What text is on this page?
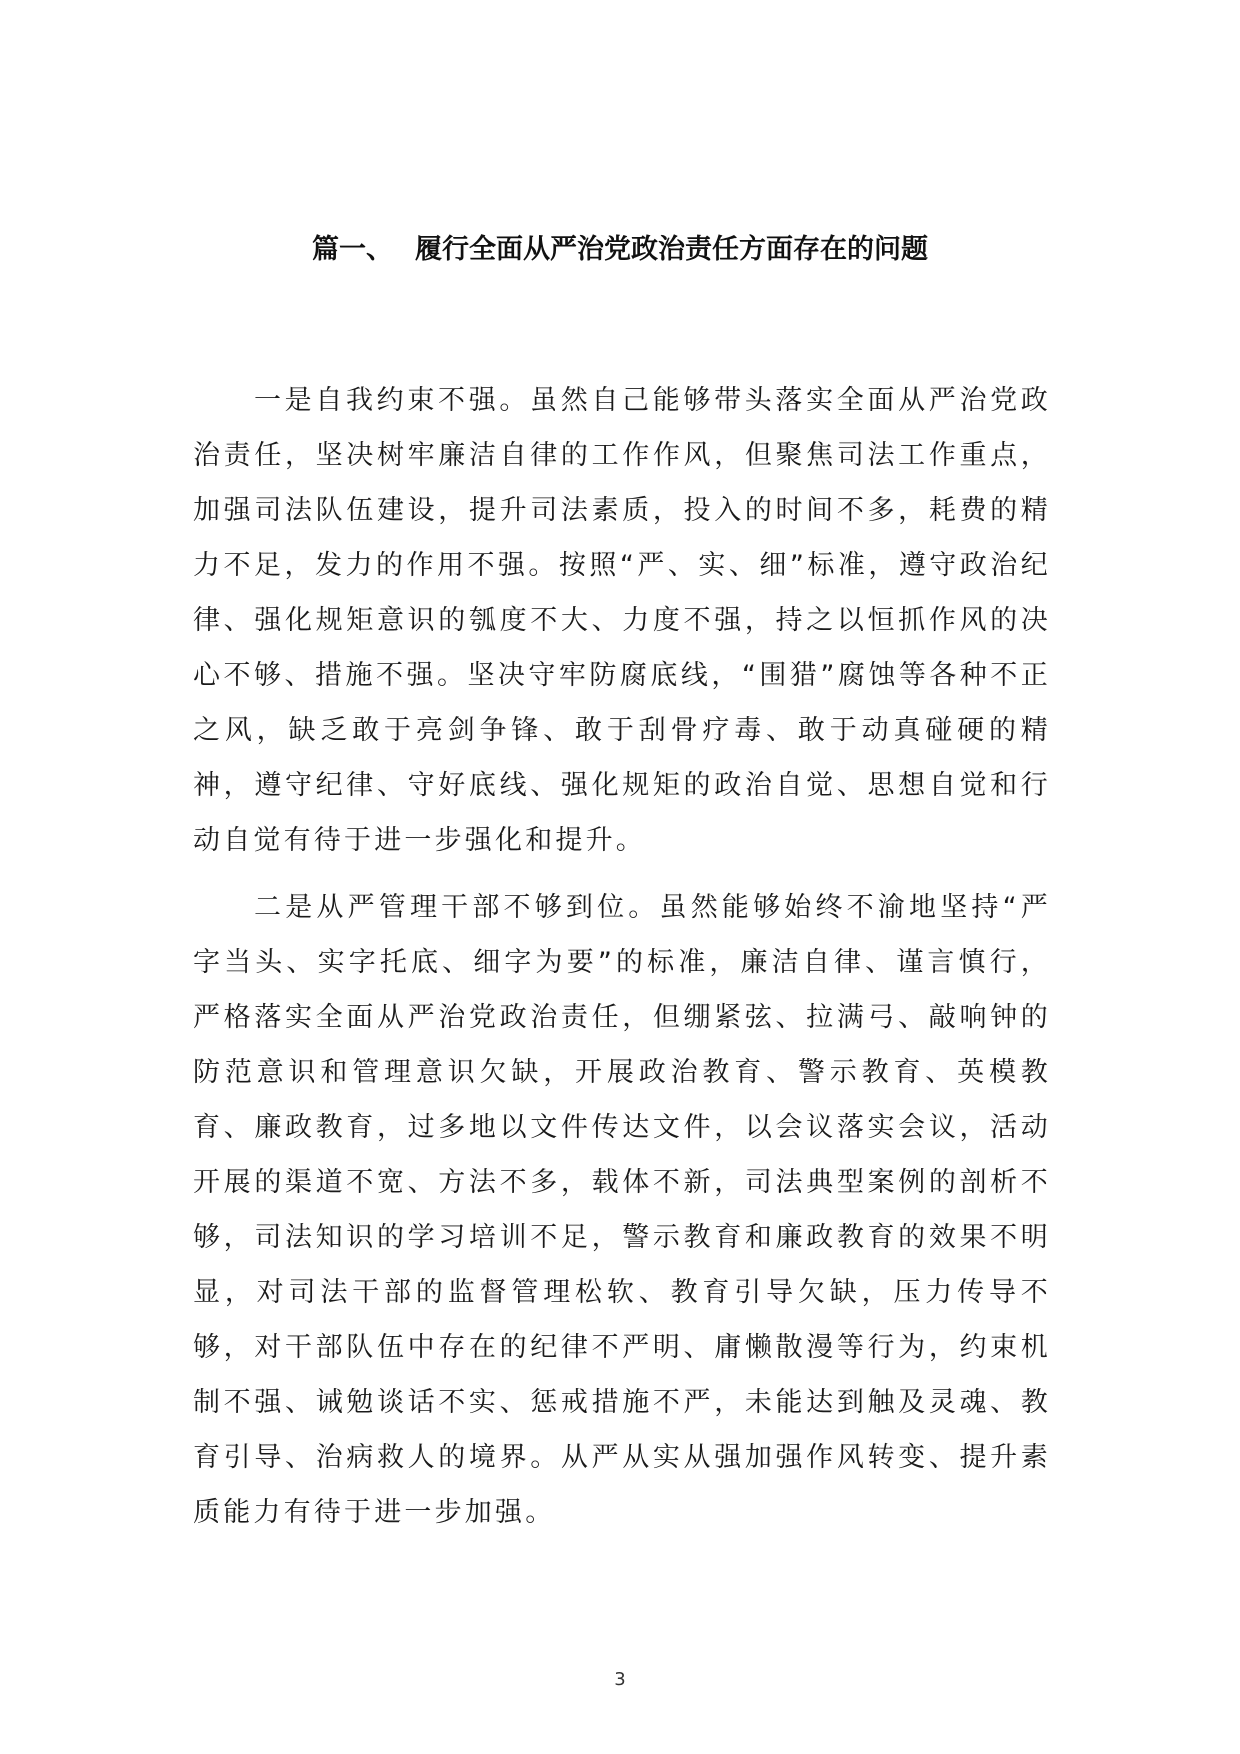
篇一、 履行全面从严治党政治责任方面存在的问题

一是自我约束不强。虽然自己能够带头落实全面从严治党政治责任，坚决树牢廉洁自律的工作作风，但聚焦司法工作重点，加强司法队伍建设，提升司法素质，投入的时间不多，耗费的精力不足，发力的作用不强。按照“严、实、细”标准，遵守政治纪律、强化规矩意识的瓠度不大、力度不强，持之以恒抓作风的决心不够、措施不强。坚决守牢防腐底线，“围猎”腐蚀等各种不正之风，缺乏敢于亮剑争锋、敢于刮骨疗毒、敢于动真碰硬的精神，遵守纪律、守好底线、强化规矩的政治自觉、思想自觉和行动自觉有待于进一步强化和提升。

二是从严管理干部不够到位。虽然能够始终不渝地坚持“严字当头、实字托底、细字为要”的标准，廉洁自律、谨言慎行，严格落实全面从严治党政治责任，但绷紧弦、拉满弓、敲响钟的防范意识和管理意识欠缺，开展政治教育、警示教育、英模教育、廉政教育，过多地以文件传达文件，以会议落实会议，活动开展的渠道不宽、方法不多，载体不新，司法典型案例的剖析不够，司法知识的学习培训不足，警示教育和廉政教育的效果不明显，对司法干部的监督管理松软、教育引导欠缺，压力传导不够，对干部队伍中存在的纪律不严明、庸懒散漫等行为，约束机制不强、诫勉谈话不实、惩戒措施不严，未能达到触及灵魂、教育引导、治病救人的境界。从严从实从强加强作风转变、提升素质能力有待于进一步加强。

3
